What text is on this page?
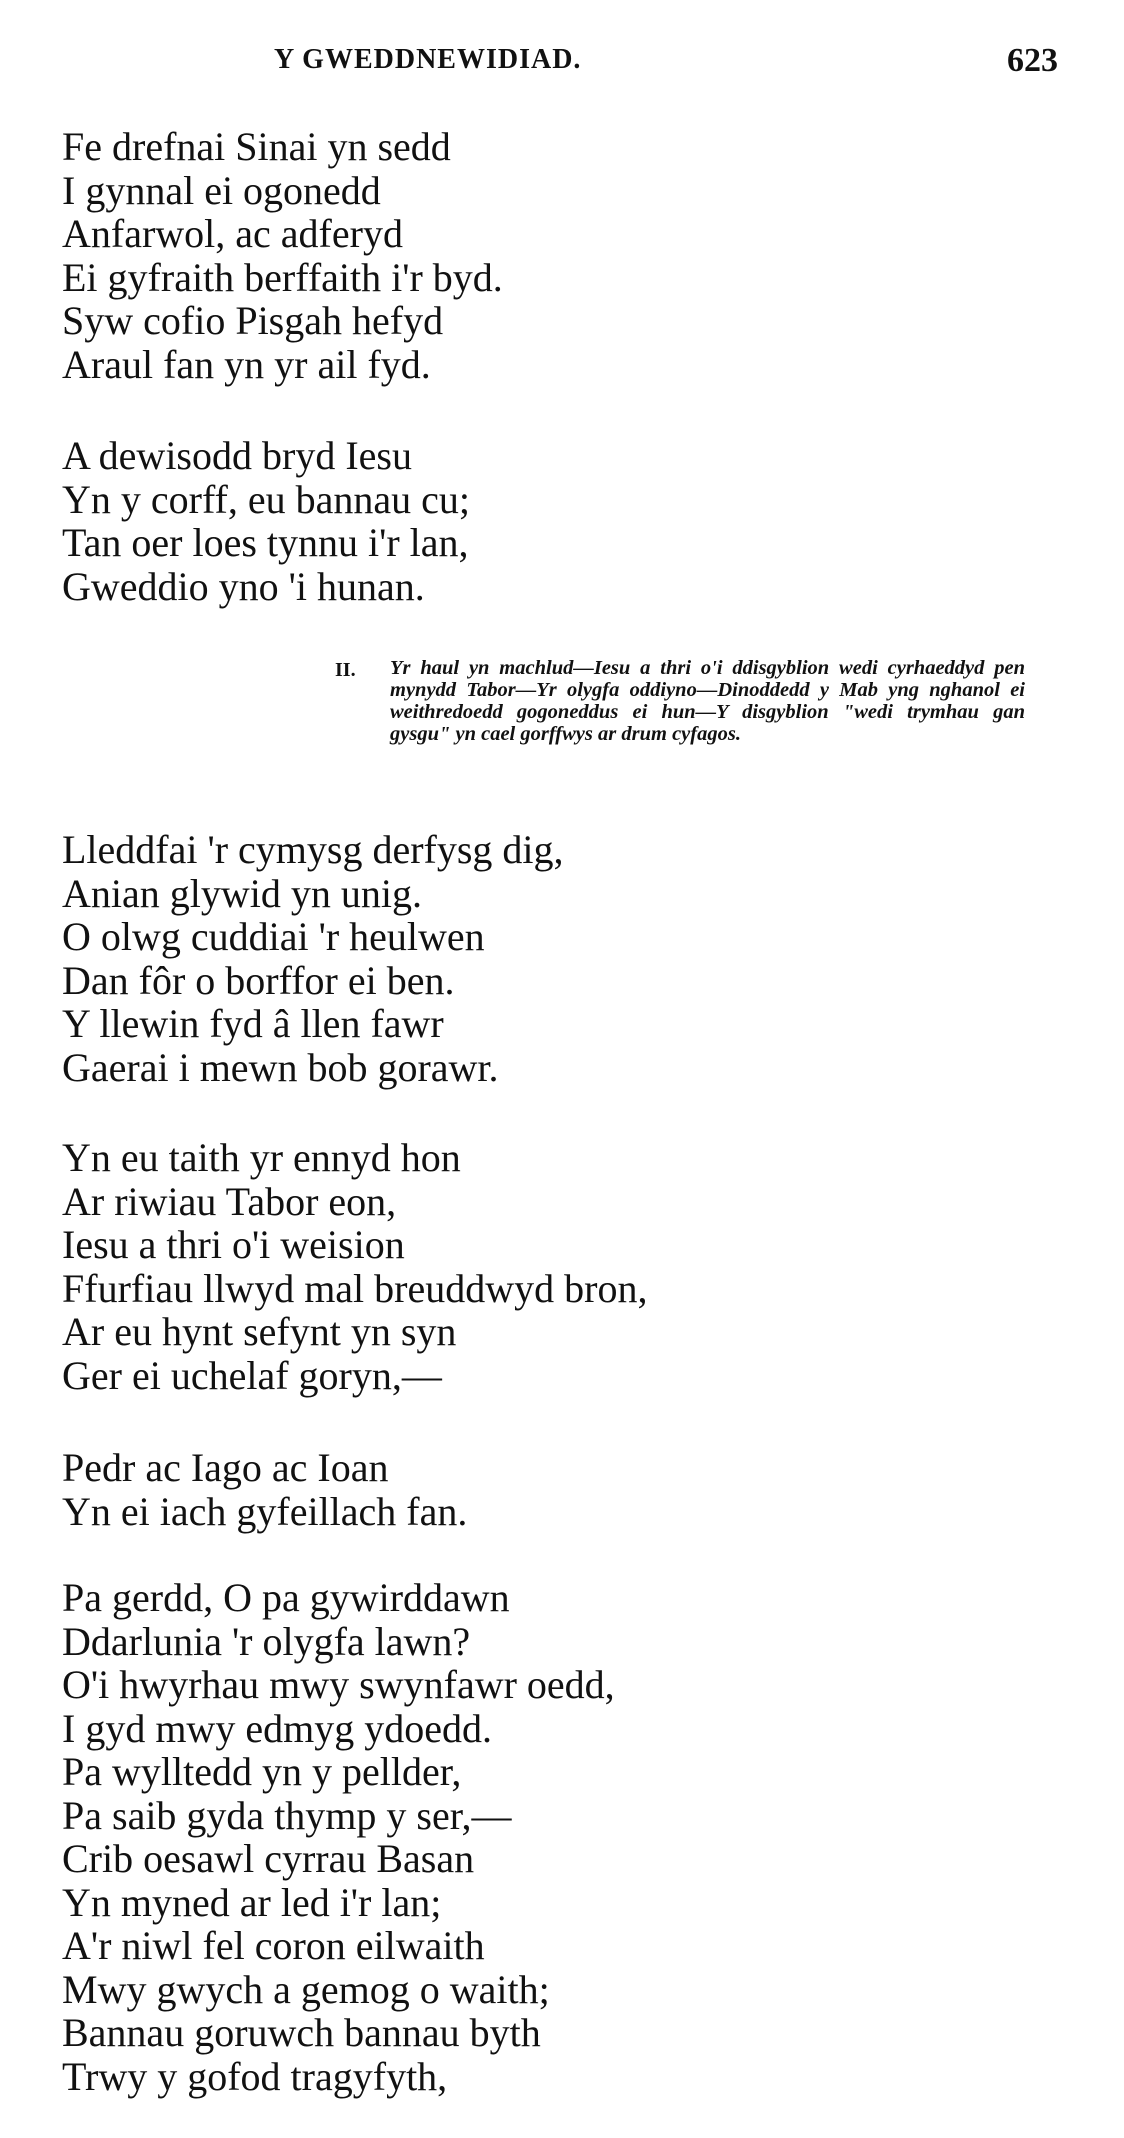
Y GWEDDNEWIDIAD.	623
Fe drefnai Sinai yn sedd
I gynnal ei ogonedd
Anfarwol, ac adferyd
Ei gyfraith berffaith i'r byd.
Syw cofio Pisgah hefyd
Araul fan yn yr ail fyd.
A dewisodd bryd Iesu
Yn y corff, eu bannau cu;
Tan oer loes tynnu i'r lan,
Gweddio yno 'i hunan.
II. Yr haul yn machlud—Iesu a thri o'i ddisgyblion wedi cyrhaeddyd pen mynydd Tabor—Yr olygfa oddiyno—Dinoddedd y Mab yng nghanol ei weithredoedd gogoneddus ei hun—Y disgyblion "wedi trymhau gan gysgu" yn cael gorffwys ar drum cyfagos.
Lleddfai 'r cymysg derfysg dig,
Anian glywid yn unig.
O olwg cuddiai 'r heulwen
Dan fôr o borffor ei ben.
Y llewin fyd â llen fawr
Gaerai i mewn bob gorawr.
Yn eu taith yr ennyd hon
Ar riwiau Tabor eon,
Iesu a thri o'i weision
Ffurfiau llwyd mal breuddwyd bron,
Ar eu hynt sefynt yn syn
Ger ei uchelaf goryn,—
Pedr ac Iago ac Ioan
Yn ei iach gyfeillach fan.
Pa gerdd, O pa gywirddawn
Ddarlunia 'r olygfa lawn?
O'i hwyrhau mwy swynfawr oedd,
I gyd mwy edmyg ydoedd.
Pa wylltedd yn y pellder,
Pa saib gyda thymp y ser,—
Crib oesawl cyrrau Basan
Yn myned ar led i'r lan;
A'r niwl fel coron eilwaith
Mwy gwych a gemog o waith;
Bannau goruwch bannau byth
Trwy y gofod tragyfyth,
